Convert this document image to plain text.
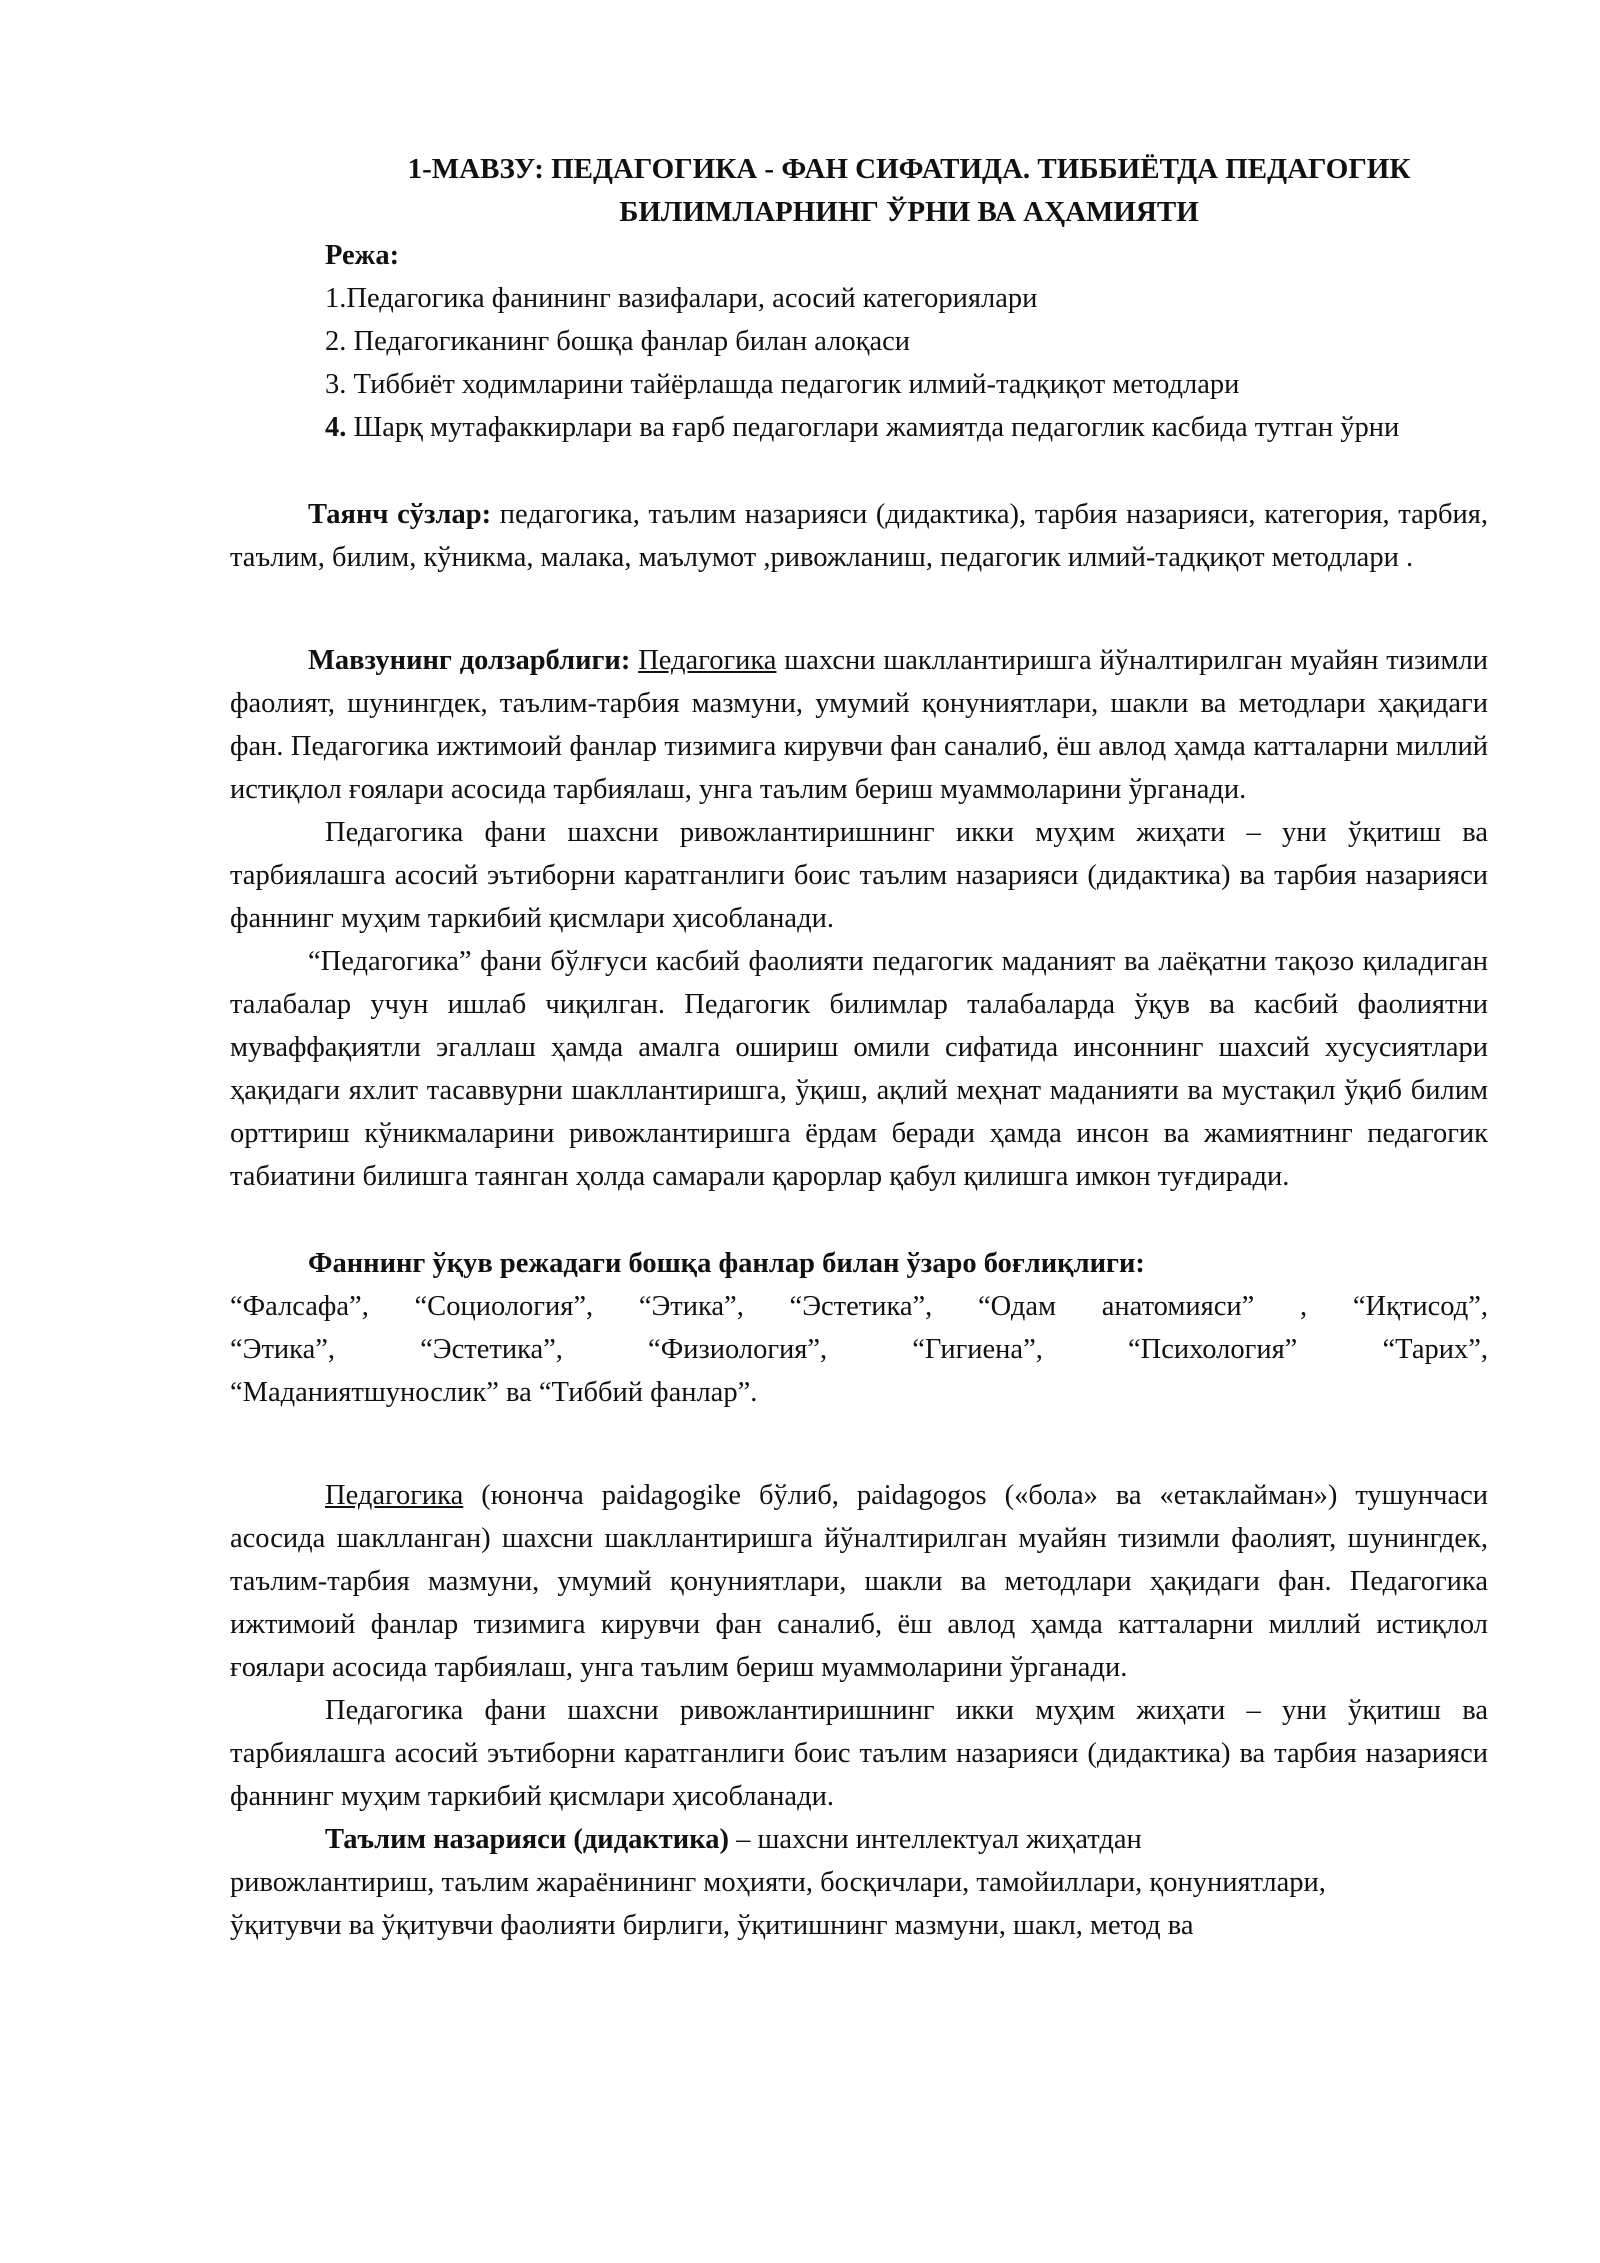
1-МАВЗУ: ПЕДАГОГИКА - ФАН СИФАТИДА. ТИББИЁТДА ПЕДАГОГИК
БИЛИМЛАРНИНГ ЎРНИ ВА АҲАМИЯТИ
Режа:
1.Педагогика фанининг вазифалари, асосий категориялари
2. Педагогиканинг бошқа фанлар билан алоқаси
3. Тиббиёт ходимларини тайёрлашда педагогик илмий-тадқиқот методлари
4. Шарқ мутафаккирлари ва ғарб педагоглари жамиятда педагоглик касбида тутган ўрни

Таянч сўзлар: педагогика, таълим назарияси (дидактика), тарбия назарияси, категория, тарбия, таълим, билим, кўникма, малака, маълумот ,ривожланиш, педагогик илмий-тадқиқот методлари .

Мавзунинг долзарблиги: Педагогика шахсни шакллантиришга йўналтирилган муайян тизимли фаолият, шунингдек, таълим-тарбия мазмуни, умумий қонуниятлари, шакли ва методлари ҳақидаги фан. Педагогика ижтимоий фанлар тизимига кирувчи фан саналиб, ёш авлод ҳамда катталарни миллий истиқлол ғоялари асосида тарбиялаш, унга таълим бериш муаммоларини ўрганади.

Педагогика фани шахсни ривожлантиришнинг икки муҳим жиҳати – уни ўқитиш ва тарбиялашга асосий эътиборни каратганлиги боис таълим назарияси (дидактика) ва тарбия назарияси фаннинг муҳим таркибий қисмлари ҳисобланади.

“Педагогика” фани бўлғуси касбий фаолияти педагогик маданият ва лаёқатни тақозо қиладиган талабалар учун ишлаб чиқилган. Педагогик билимлар талабаларда ўқув ва касбий фаолиятни муваффақиятли эгаллаш ҳамда амалга ошириш омили сифатида инсоннинг шахсий хусусиятлари ҳақидаги яхлит тасаввурни шакллантиришга, ўқиш, ақлий меҳнат маданияти ва мустақил ўқиб билим орттириш кўникмаларини ривожлантиришга ёрдам беради ҳамда инсон ва жамиятнинг педагогик табиатини билишга таянган ҳолда самарали қарорлар қабул қилишга имкон туғдиради.

Фаннинг ўқув режадаги бошқа фанлар билан ўзаро боғлиқлиги:
“Фалсафа”, “Социология”, “Этика”, “Эстетика”, “Одам анатомияси” , “Иқтисод”,
“Этика”, “Эстетика”, “Физиология”, “Гигиена”, “Психология” “Тарих”,
“Маданиятшунослик” ва “Тиббий фанлар”.

Педагогика (юнонча paidagogike бўлиб, paidagogos («бола» ва «етаклайман») тушунчаси асосида шаклланган) шахсни шакллантиришга йўналтирилган муайян тизимли фаолият, шунингдек, таълим-тарбия мазмуни, умумий қонуниятлари, шакли ва методлари ҳақидаги фан. Педагогика ижтимоий фанлар тизимига кирувчи фан саналиб, ёш авлод ҳамда катталарни миллий истиқлол ғоялари асосида тарбиялаш, унга таълим бериш муаммоларини ўрганади.

Педагогика фани шахсни ривожлантиришнинг икки муҳим жиҳати – уни ўқитиш ва тарбиялашга асосий эътиборни каратганлиги боис таълим назарияси (дидактика) ва тарбия назарияси фаннинг муҳим таркибий қисмлари ҳисобланади.

Таълим назарияси (дидактика) – шахсни интеллектуал жиҳатдан
ривожлантириш, таълим жараёнининг моҳияти, босқичлари, тамойиллари, қонуниятлари,
ўқитувчи ва ўқитувчи фаолияти бирлиги, ўқитишнинг мазмуни, шакл, метод ва
